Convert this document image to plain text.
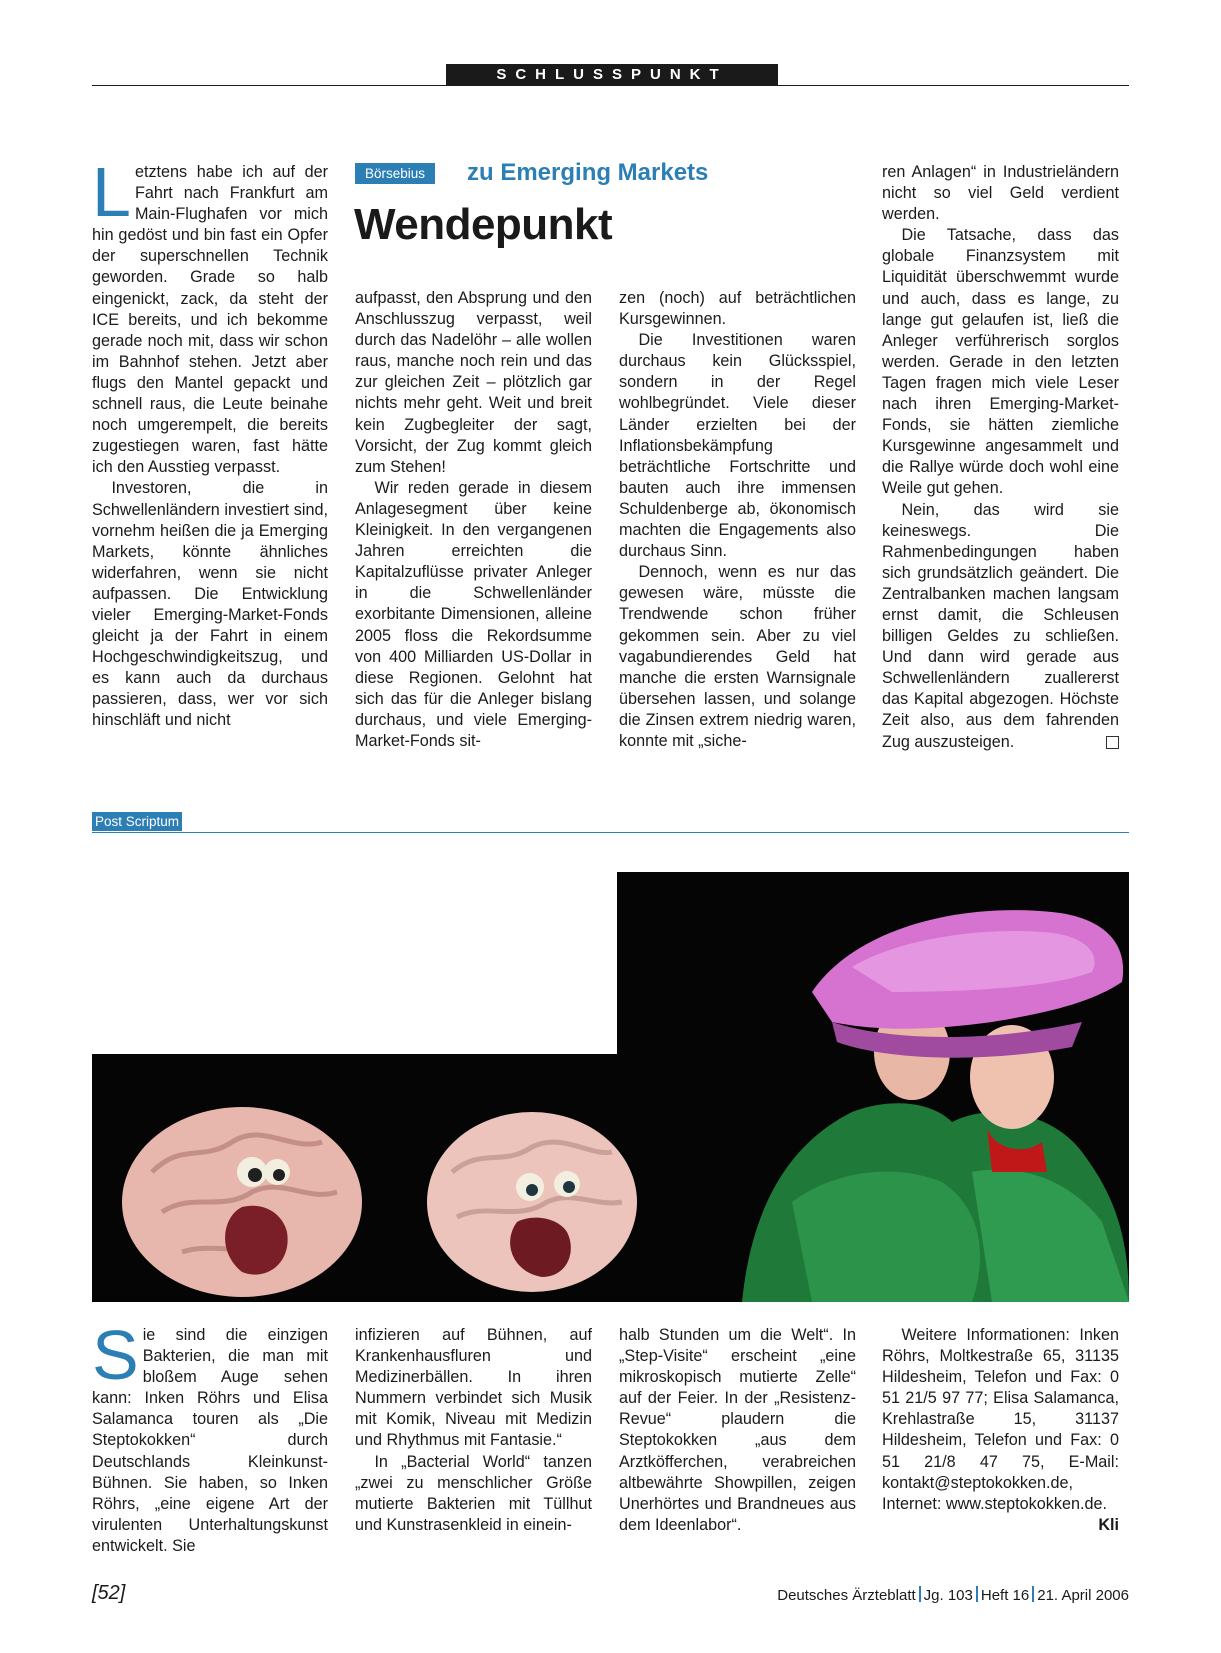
SCHLUSSPUNKT
L etztens habe ich auf der Fahrt nach Frankfurt am Main-Flughafen vor mich hin gedöst und bin fast ein Opfer der superschnellen Technik geworden. Grade so halb eingenickt, zack, da steht der ICE bereits, und ich bekomme gerade noch mit, dass wir schon im Bahnhof stehen. Jetzt aber flugs den Mantel gepackt und schnell raus, die Leute beinahe noch umgerempelt, die bereits zugestiegen waren, fast hätte ich den Ausstieg verpasst.

Investoren, die in Schwellenländern investiert sind, vornehm heißen die ja Emerging Markets, könnte ähnliches widerfahren, wenn sie nicht aufpassen. Die Entwicklung vieler Emerging-Market-Fonds gleicht ja der Fahrt in einem Hochgeschwindigkeitszug, und es kann auch da durchaus passieren, dass, wer vor sich hinschläft und nicht

Börsebius	zu Emerging Markets
Wendepunkt

aufpasst, den Absprung und den Anschlusszug verpasst, weil durch das Nadelöhr – alle wollen raus, manche noch rein und das zur gleichen Zeit – plötzlich gar nichts mehr geht. Weit und breit kein Zugbegleiter der sagt, Vorsicht, der Zug kommt gleich zum Stehen!

Wir reden gerade in diesem Anlagesegment über keine Kleinigkeit. In den vergangenen Jahren erreichten die Kapitalzuflüsse privater Anleger in die Schwellenländer exorbitante Dimensionen, alleine 2005 floss die Rekordsumme von 400 Milliarden US-Dollar in diese Regionen. Gelohnt hat sich das für die Anleger bislang durchaus, und viele Emerging-Market-Fonds sit-

zen (noch) auf beträchtlichen Kursgewinnen.

Die Investitionen waren durchaus kein Glücksspiel, sondern in der Regel wohlbegründet. Viele dieser Länder erzielten bei der Inflationsbekämpfung beträchtliche Fortschritte und bauten auch ihre immensen Schuldenberge ab, ökonomisch machten die Engagements also durchaus Sinn.

Dennoch, wenn es nur das gewesen wäre, müsste die Trendwende schon früher gekommen sein. Aber zu viel vagabundierendes Geld hat manche die ersten Warnsignale übersehen lassen, und solange die Zinsen extrem niedrig waren, konnte mit „siche-

ren Anlagen“ in Industrieländern nicht so viel Geld verdient werden.

Die Tatsache, dass das globale Finanzsystem mit Liquidität überschwemmt wurde und auch, dass es lange, zu lange gut gelaufen ist, ließ die Anleger verführerisch sorglos werden. Gerade in den letzten Tagen fragen mich viele Leser nach ihren Emerging-Market-Fonds, sie hätten ziemliche Kursgewinne angesammelt und die Rallye würde doch wohl eine Weile gut gehen.

Nein, das wird sie keineswegs. Die Rahmenbedingungen haben sich grundsätzlich geändert. Die Zentralbanken machen langsam ernst damit, die Schleusen billigen Geldes zu schließen. Und dann wird gerade aus Schwellenländern zuallererst das Kapital abgezogen. Höchste Zeit also, aus dem fahrenden Zug auszusteigen.

Post Scriptum
S ie sind die einzigen Bakterien, die man mit bloßem Auge sehen kann: Inken Röhrs und Elisa Salamanca touren als „Die Steptokokken“ durch Deutschlands Kleinkunst-Bühnen. Sie haben, so Inken Röhrs, „eine eigene Art der virulenten Unterhaltungskunst entwickelt. Sie

infizieren auf Bühnen, auf Krankenhausfluren und Medizinerbällen. In ihren Nummern verbindet sich Musik mit Komik, Niveau mit Medizin und Rhythmus mit Fantasie.“

In „Bacterial World“ tanzen „zwei zu menschlicher Größe mutierte Bakterien mit Tüllhut und Kunstrasenkleid in einein-

halb Stunden um die Welt“. In „Step-Visite“ erscheint „eine mikroskopisch mutierte Zelle“ auf der Feier. In der „Resistenz-Revue“ plaudern die Steptokokken „aus dem Arztköfferchen, verabreichen altbewährte Showpillen, zeigen Unerhörtes und Brandneues aus dem Ideenlabor“.

Weitere Informationen: Inken Röhrs, Moltkestraße 65, 31135 Hildesheim, Telefon und Fax: 0 51 21/5 97 77; Elisa Salamanca, Krehlastraße 15, 31137 Hildesheim, Telefon und Fax: 0 51 21/8 47 75, E-Mail: kontakt@steptokokken.de, Internet: www.steptokokken.de.

Kli

[52]	Deutsches Ärzteblatt Jg. 103 Heft 16 21. April 2006
